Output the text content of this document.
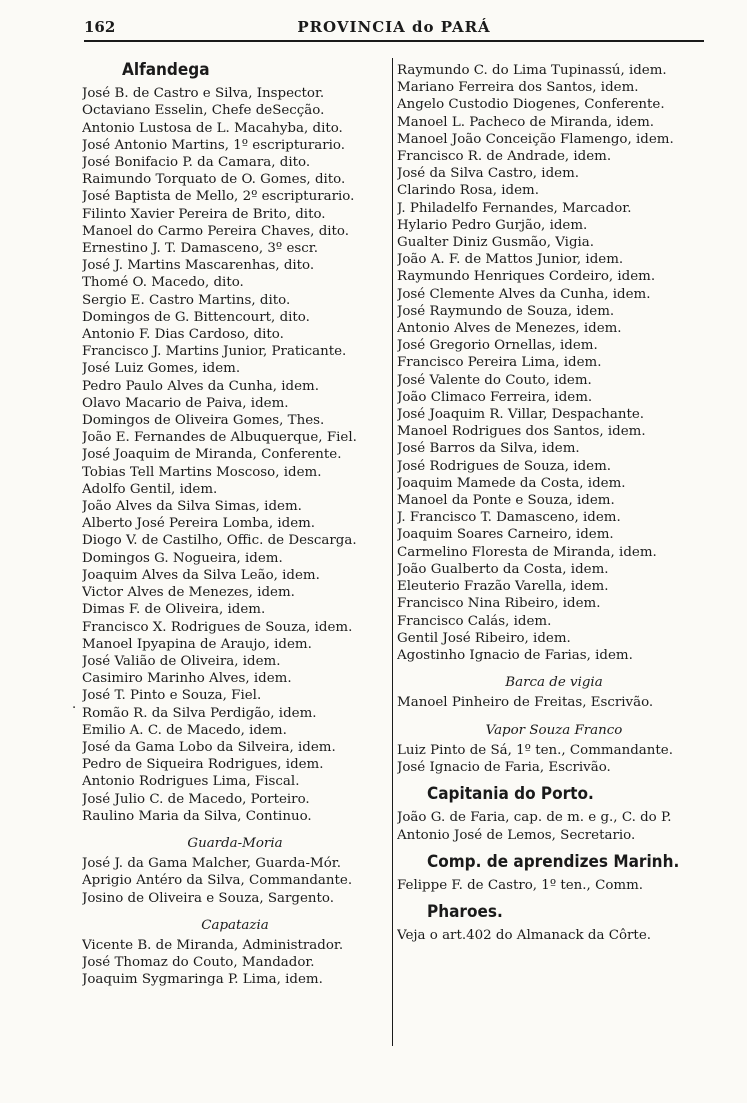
162	PROVINCIA do PARÁ
Alfandega
José B. de Castro e Silva, Inspector.
Octaviano Esselin, Chefe deSecção.
Antonio Lustosa de L. Macahyba, dito.
José Antonio Martins, 1º escripturario.
José Bonifacio P. da Camara, dito.
Raimundo Torquato de O. Gomes, dito.
José Baptista de Mello, 2º escripturario.
Filinto Xavier Pereira de Brito, dito.
Manoel do Carmo Pereira Chaves, dito.
Ernestino J. T. Damasceno, 3º escr.
José J. Martins Mascarenhas, dito.
Thomé O. Macedo, dito.
Sergio E. Castro Martins, dito.
Domingos de G. Bittencourt, dito.
Antonio F. Dias Cardoso, dito.
Francisco J. Martins Junior, Praticante.
José Luiz Gomes, idem.
Pedro Paulo Alves da Cunha, idem.
Olavo Macario de Paiva, idem.
Domingos de Oliveira Gomes, Thes.
João E. Fernandes de Albuquerque, Fiel.
José Joaquim de Miranda, Conferente.
Tobias Tell Martins Moscoso, idem.
Adolfo Gentil, idem.
João Alves da Silva Simas, idem.
Alberto José Pereira Lomba, idem.
Diogo V. de Castilho, Offic. de Descarga.
Domingos G. Nogueira, idem.
Joaquim Alves da Silva Leão, idem.
Victor Alves de Menezes, idem.
Dimas F. de Oliveira, idem.
Francisco X. Rodrigues de Souza, idem.
Manoel Ipyapina de Araujo, idem.
José Valião de Oliveira, idem.
Casimiro Marinho Alves, idem.
José T. Pinto e Souza, Fiel.
Romão R. da Silva Perdigão, idem.
Emilio A. C. de Macedo, idem.
José da Gama Lobo da Silveira, idem.
Pedro de Siqueira Rodrigues, idem.
Antonio Rodrigues Lima, Fiscal.
José Julio C. de Macedo, Porteiro.
Raulino Maria da Silva, Continuo.
Guarda-Moria
José J. da Gama Malcher, Guarda-Mór.
Aprigio Antéro da Silva, Commandante.
Josino de Oliveira e Souza, Sargento.
Capatazia
Vicente B. de Miranda, Administrador.
José Thomaz do Couto, Mandador.
Joaquim Sygmaringa P. Lima, idem.
Raymundo C. do Lima Tupinassú, idem.
Mariano Ferreira dos Santos, idem.
Angelo Custodio Diogenes, Conferente.
Manoel L. Pacheco de Miranda, idem.
Manoel João Conceição Flamengo, idem.
Francisco R. de Andrade, idem.
José da Silva Castro, idem.
Clarindo Rosa, idem.
J. Philadelfo Fernandes, Marcador.
Hylario Pedro Gurjão, idem.
Gualter Diniz Gusmão, Vigia.
João A. F. de Mattos Junior, idem.
Raymundo Henriques Cordeiro, idem.
José Clemente Alves da Cunha, idem.
José Raymundo de Souza, idem.
Antonio Alves de Menezes, idem.
José Gregorio Ornellas, idem.
Francisco Pereira Lima, idem.
José Valente do Couto, idem.
João Climaco Ferreira, idem.
José Joaquim R. Villar, Despachante.
Manoel Rodrigues dos Santos, idem.
José Barros da Silva, idem.
José Rodrigues de Souza, idem.
Joaquim Mamede da Costa, idem.
Manoel da Ponte e Souza, idem.
J. Francisco T. Damasceno, idem.
Joaquim Soares Carneiro, idem.
Carmelino Floresta de Miranda, idem.
João Gualberto da Costa, idem.
Eleuterio Frazão Varella, idem.
Francisco Nina Ribeiro, idem.
Francisco Calás, idem.
Gentil José Ribeiro, idem.
Agostinho Ignacio de Farias, idem.
Barca de vigia
Manoel Pinheiro de Freitas, Escrivão.
Vapor Souza Franco
Luiz Pinto de Sá, 1º ten., Commandante.
José Ignacio de Faria, Escrivão.
Capitania do Porto.
João G. de Faria, cap. de m. e g., C. do P.
Antonio José de Lemos, Secretario.
Comp. de aprendizes Marinh.
Felippe F. de Castro, 1º ten., Comm.
Pharoes.
Veja o art.402 do Almanack da Côrte.
.
